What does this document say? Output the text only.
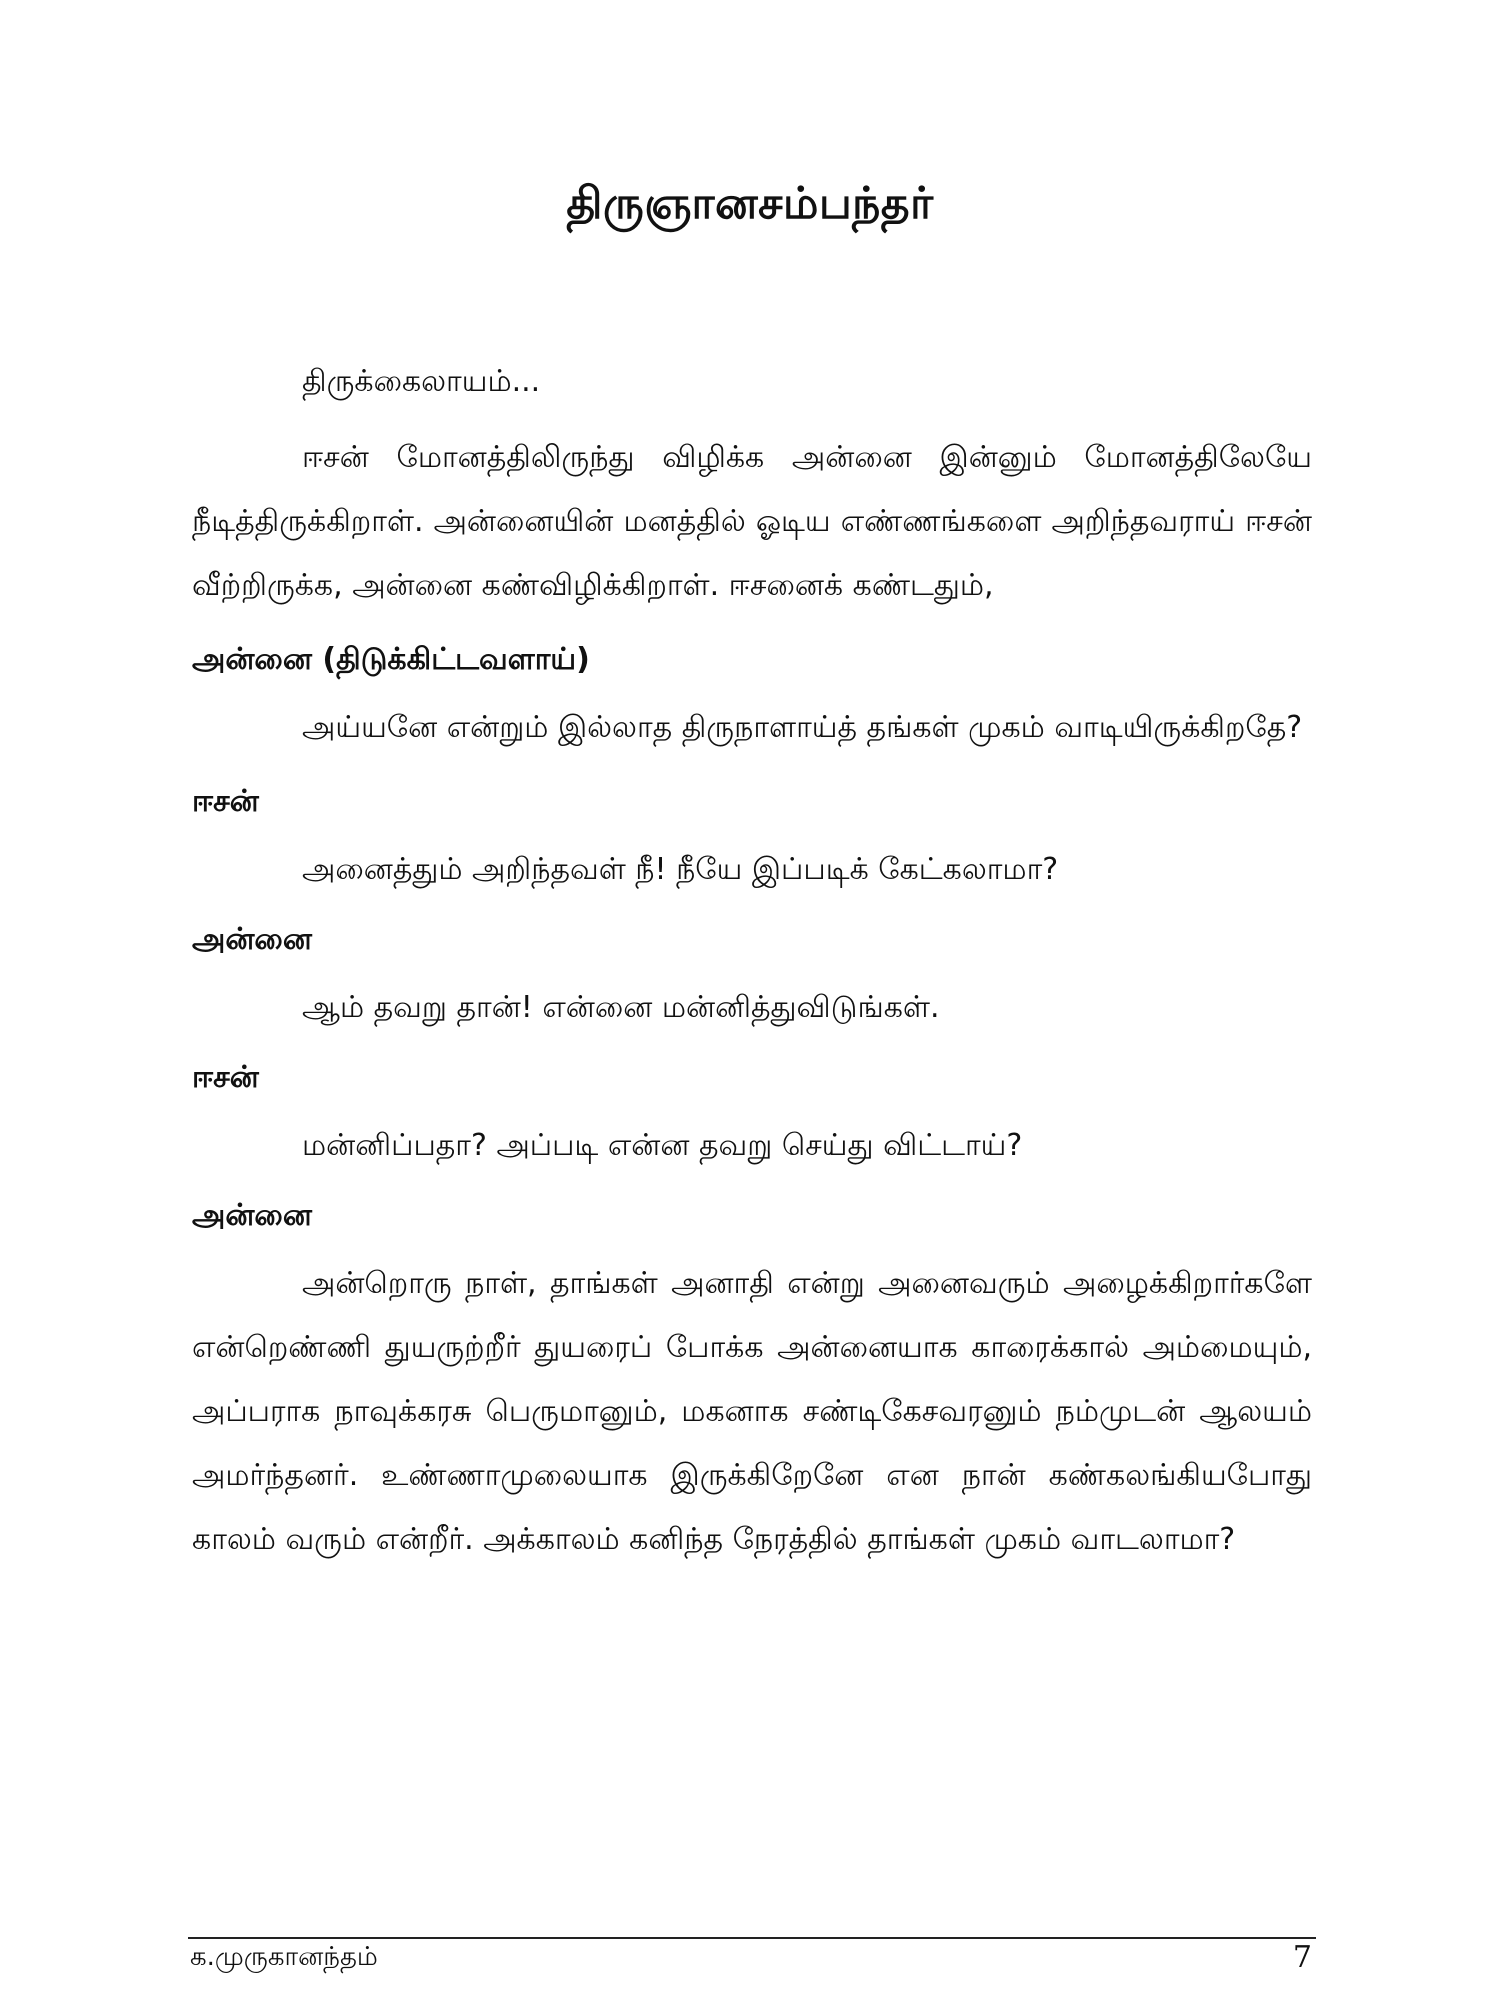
திருஞானசம்பந்தர்

திருக்கைலாயம்...

ஈசன் மோனத்திலிருந்து விழிக்க அன்னை இன்னும் மோனத்திலேயே நீடித்திருக்கிறாள். அன்னையின் மனத்தில் ஓடிய எண்ணங்களை அறிந்தவராய் ஈசன் வீற்றிருக்க, அன்னை கண்விழிக்கிறாள். ஈசனைக் கண்டதும்,

அன்னை (திடுக்கிட்டவளாய்)

அய்யனே என்றும் இல்லாத திருநாளாய்த் தங்கள் முகம் வாடியிருக்கிறதே?

ஈசன்

அனைத்தும் அறிந்தவள் நீ! நீயே இப்படிக் கேட்கலாமா?

அன்னை

ஆம் தவறு தான்! என்னை மன்னித்துவிடுங்கள்.

ஈசன்

மன்னிப்பதா? அப்படி என்ன தவறு செய்து விட்டாய்?

அன்னை

அன்றொரு நாள், தாங்கள் அனாதி என்று அனைவரும் அழைக்கிறார்களே என்றெண்ணி துயருற்றீர் துயரைப் போக்க அன்னையாக காரைக்கால் அம்மையும், அப்பராக நாவுக்கரசு பெருமானும், மகனாக சண்டிகேசவரனும் நம்முடன் ஆலயம் அமர்ந்தனர். உண்ணாமுலையாக இருக்கிறேனே என நான் கண்கலங்கியபோது காலம் வரும் என்றீர். அக்காலம் கனிந்த நேரத்தில் தாங்கள் முகம் வாடலாமா?

க.முருகானந்தம்	7
